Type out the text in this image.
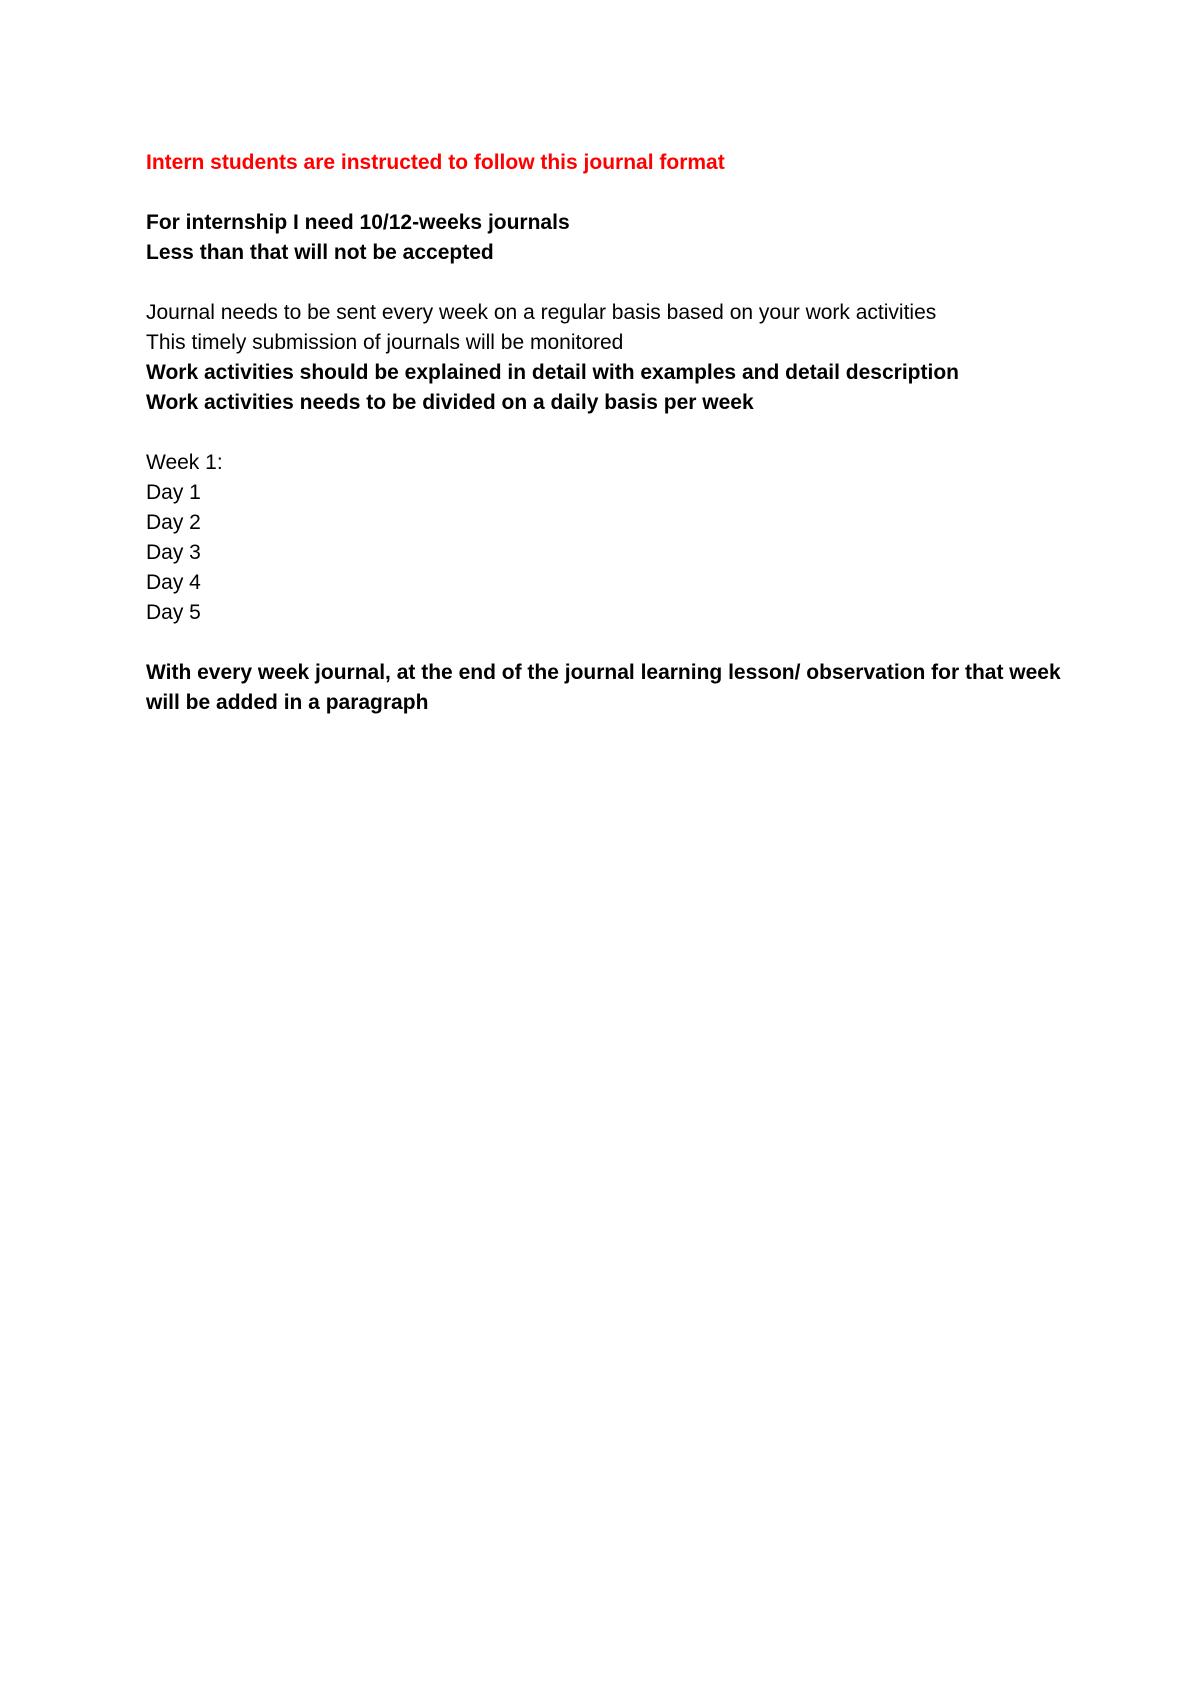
Intern students are instructed to follow this journal format
For internship I need 10/12-weeks journals
Less than that will not be accepted
Journal needs to be sent every week on a regular basis based on your work activities
This timely submission of journals will be monitored
Work activities should be explained in detail with examples and detail description
Work activities needs to be divided on a daily basis per week
Week 1:
Day 1
Day 2
Day 3
Day 4
Day 5
With every week journal, at the end of the journal learning lesson/ observation for that week will be added in a paragraph
